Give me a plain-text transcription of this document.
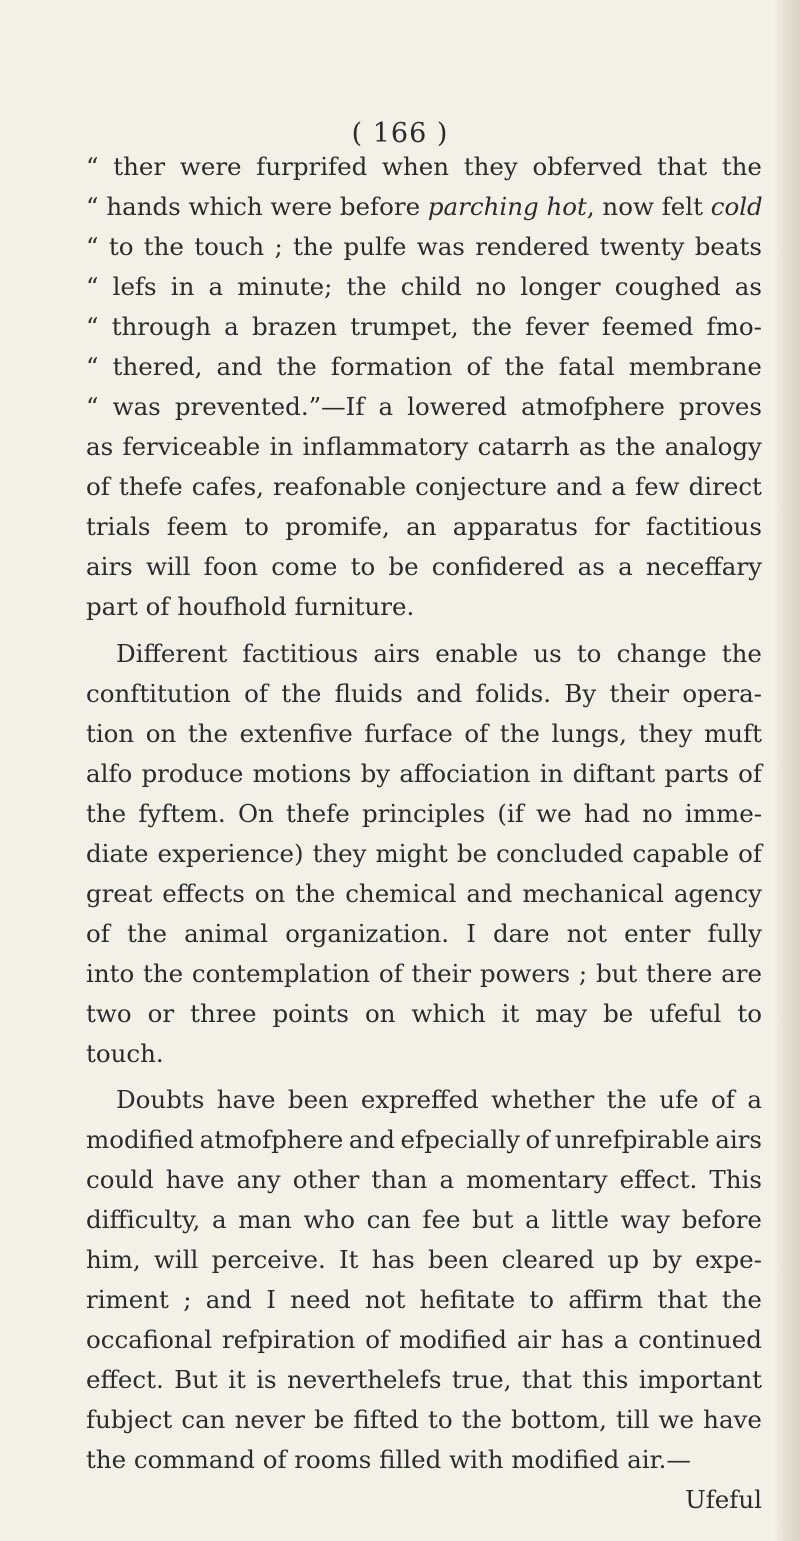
( 166 )
“ ther were furprifed when they obferved that the
“ hands which were before parching hot, now felt cold
“ to the touch ; the pulfe was rendered twenty beats
“ lefs in a minute; the child no longer coughed as
“ through a brazen trumpet, the fever feemed fmo-
“ thered, and the formation of the fatal membrane
“ was prevented.”—If a lowered atmofphere proves
as ferviceable in inflammatory catarrh as the analogy
of thefe cafes, reafonable conjecture and a few direct
trials feem to promife, an apparatus for factitious
airs will foon come to be confidered as a neceffary
part of houfhold furniture.
Different factitious airs enable us to change the
conftitution of the fluids and folids. By their opera-
tion on the extenfive furface of the lungs, they muft
alfo produce motions by affociation in diftant parts of
the fyftem. On thefe principles (if we had no imme-
diate experience) they might be concluded capable of
great effects on the chemical and mechanical agency
of the animal organization. I dare not enter fully
into the contemplation of their powers ; but there are
two or three points on which it may be ufeful to
touch.
Doubts have been expreffed whether the ufe of a
modified atmofphere and efpecially of unrefpirable airs
could have any other than a momentary effect. This
difficulty, a man who can fee but a little way before
him, will perceive. It has been cleared up by expe-
riment ; and I need not hefitate to affirm that the
occafional refpiration of modified air has a continued
effect. But it is neverthelefs true, that this important
fubject can never be fifted to the bottom, till we have
the command of rooms filled with modified air.—
Ufeful
